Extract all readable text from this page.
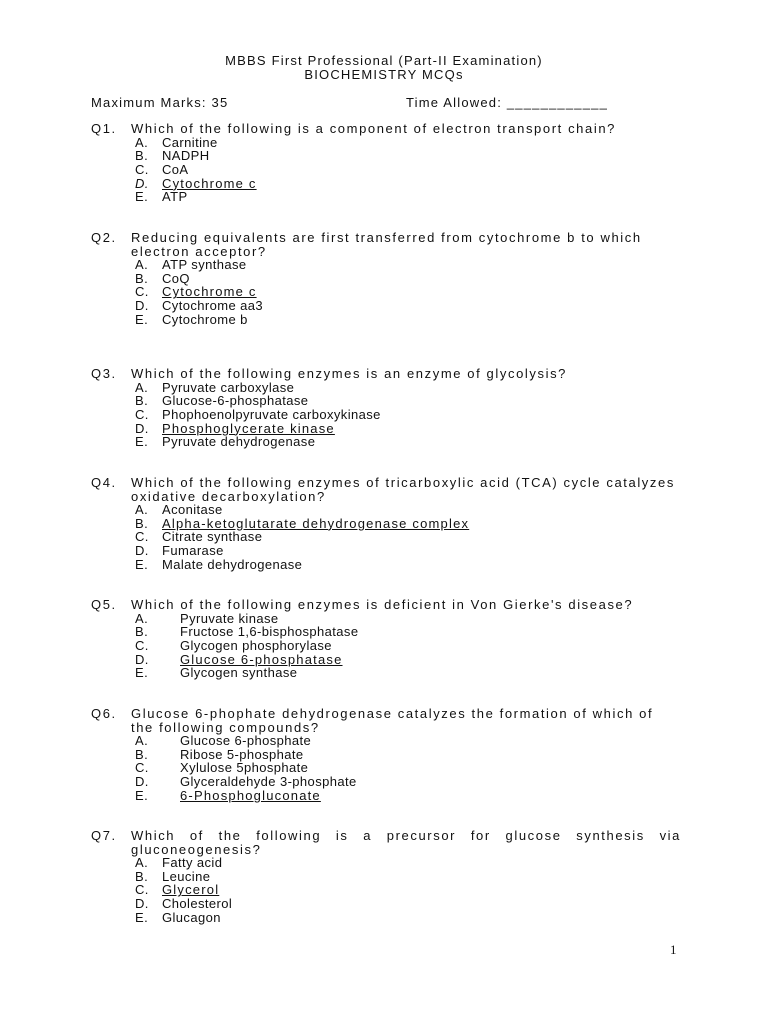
MBBS First Professional (Part-II Examination)
BIOCHEMISTRY MCQs
Maximum Marks: 35	Time Allowed: ____________
Q1.	Which of the following is a component of electron transport chain?
A.	Carnitine
B.	NADPH
C.	CoA
D.	Cytochrome c
E.	ATP
Q2.	Reducing equivalents are first transferred from cytochrome b to which electron acceptor?
A.	ATP synthase
B.	CoQ
C.	Cytochrome c
D.	Cytochrome aa3
E.	Cytochrome b
Q3.	Which of the following enzymes is an enzyme of glycolysis?
A.	Pyruvate carboxylase
B.	Glucose-6-phosphatase
C.	Phophoenolpyruvate carboxykinase
D.	Phosphoglycerate kinase
E.	Pyruvate dehydrogenase
Q4.	Which of the following enzymes of tricarboxylic acid (TCA) cycle catalyzes oxidative decarboxylation?
A.	Aconitase
B.	Alpha-ketoglutarate dehydrogenase complex
C.	Citrate synthase
D.	Fumarase
E.	Malate dehydrogenase
Q5.	Which of the following enzymes is deficient in Von Gierke's disease?
A.	Pyruvate kinase
B.	Fructose 1,6-bisphosphatase
C.	Glycogen phosphorylase
D.	Glucose 6-phosphatase
E.	Glycogen synthase
Q6.	Glucose 6-phophate dehydrogenase catalyzes the formation of which of the following compounds?
A.	Glucose 6-phosphate
B.	Ribose 5-phosphate
C.	Xylulose 5phosphate
D.	Glyceraldehyde 3-phosphate
E.	6-Phosphogluconate
Q7.	Which of the following is a precursor for glucose synthesis via gluconeogenesis?
A.	Fatty acid
B.	Leucine
C.	Glycerol
D.	Cholesterol
E.	Glucagon
1
